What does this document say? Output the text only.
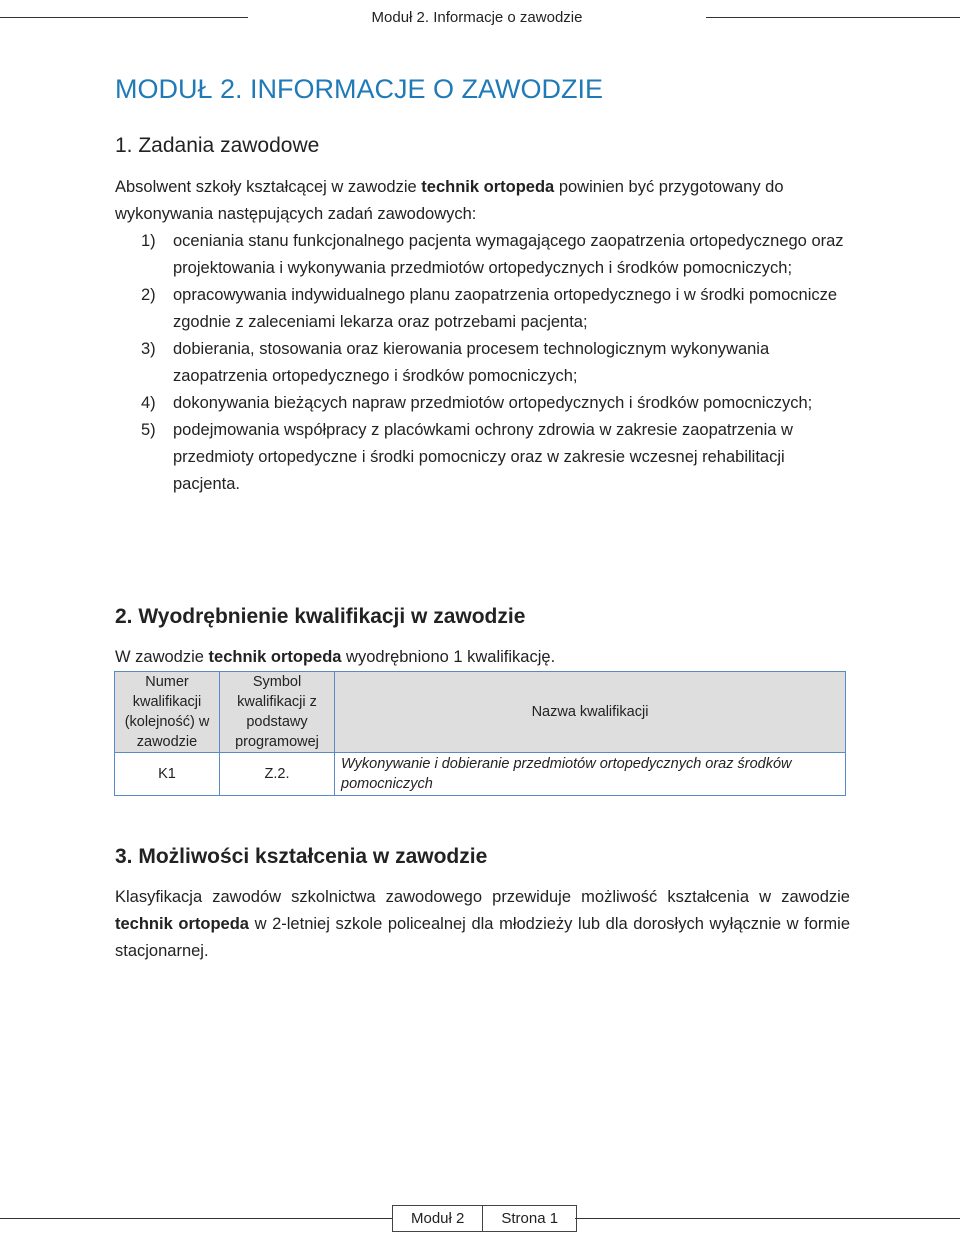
Moduł 2. Informacje o zawodzie
MODUŁ 2. INFORMACJE O ZAWODZIE
1. Zadania zawodowe

Absolwent szkoły kształcącej w zawodzie technik ortopeda powinien być przygotowany do wykonywania następujących zadań zawodowych:

1) oceniania stanu funkcjonalnego pacjenta wymagającego zaopatrzenia ortopedycznego oraz projektowania i wykonywania przedmiotów ortopedycznych i środków pomocniczych;
2) opracowywania indywidualnego planu zaopatrzenia ortopedycznego i w środki pomocnicze zgodnie z zaleceniami lekarza oraz potrzebami pacjenta;
3) dobierania, stosowania oraz kierowania procesem technologicznym wykonywania zaopatrzenia ortopedycznego i środków pomocniczych;
4) dokonywania bieżących napraw przedmiotów ortopedycznych i środków pomocniczych;
5) podejmowania współpracy z placówkami ochrony zdrowia w zakresie zaopatrzenia w przedmioty ortopedyczne i środki pomocniczy oraz w zakresie wczesnej rehabilitacji pacjenta.
2. Wyodrębnienie kwalifikacji w zawodzie

W zawodzie technik ortopeda wyodrębniono 1 kwalifikację.

Numer kwalifikacji (kolejność) w zawodzie	Symbol kwalifikacji z podstawy programowej	Nazwa kwalifikacji
K1	Z.2.	Wykonywanie i dobieranie przedmiotów ortopedycznych oraz środków pomocniczych
3. Możliwości kształcenia w zawodzie

Klasyfikacja zawodów szkolnictwa zawodowego przewiduje możliwość kształcenia w zawodzie technik ortopeda w 2-letniej szkole policealnej dla młodzieży lub dla dorosłych wyłącznie w formie stacjonarnej.

Moduł 2	Strona 1
